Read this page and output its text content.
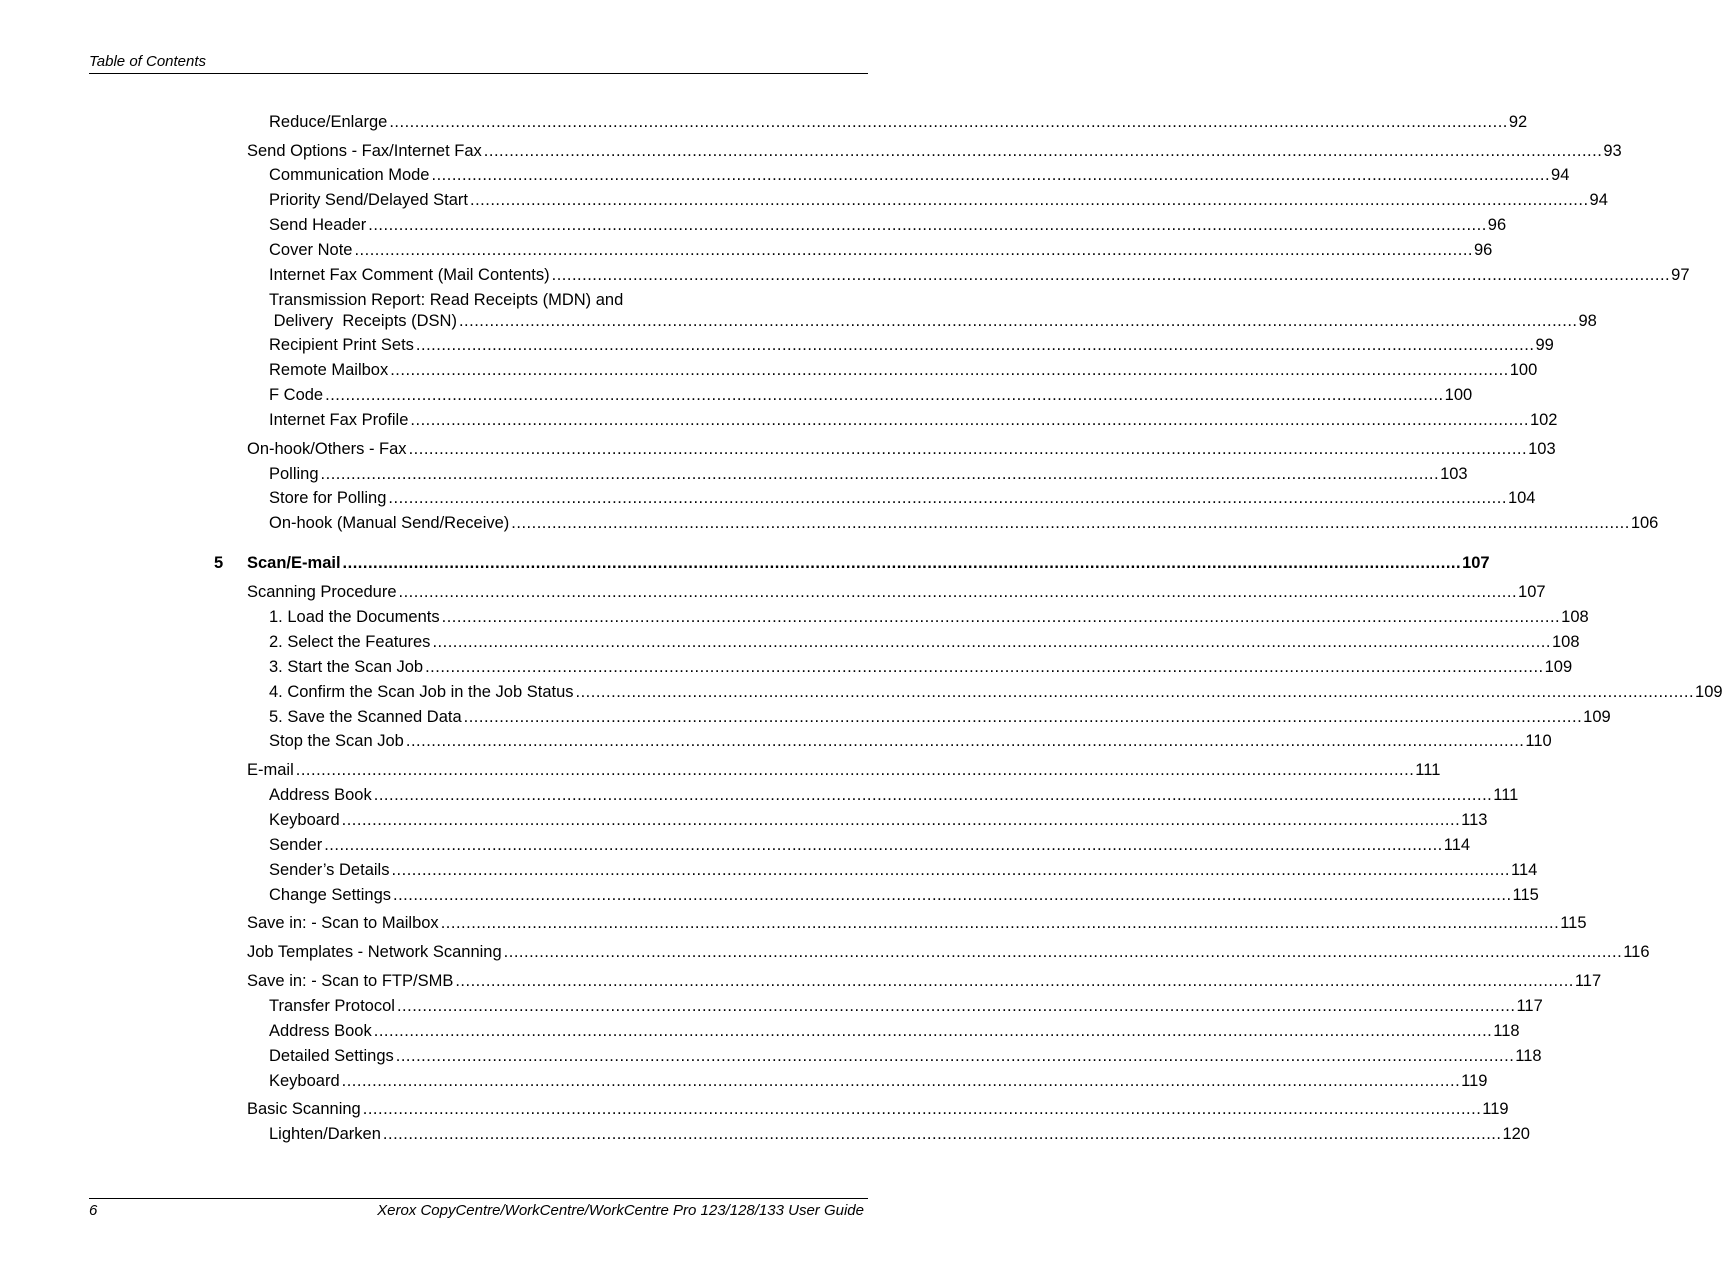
Table of Contents
Reduce/Enlarge ............................................................................................................................................................................................................................ 92
Send Options - Fax/Internet Fax ............................................................................................................................................................................................................................ 93
Communication Mode ............................................................................................................................................................................................................................ 94
Priority Send/Delayed Start ............................................................................................................................................................................................................................ 94
Send Header ............................................................................................................................................................................................................................ 96
Cover Note ............................................................................................................................................................................................................................ 96
Internet Fax Comment (Mail Contents) ............................................................................................................................................................................................................................ 97
Transmission Report: Read Receipts (MDN) and
Delivery  Receipts (DSN) ............................................................................................................................................................................................................................ 98
Recipient Print Sets ............................................................................................................................................................................................................................ 99
Remote Mailbox ............................................................................................................................................................................................................................ 100
F Code ............................................................................................................................................................................................................................ 100
Internet Fax Profile ............................................................................................................................................................................................................................ 102
On-hook/Others - Fax ............................................................................................................................................................................................................................ 103
Polling ............................................................................................................................................................................................................................ 103
Store for Polling ............................................................................................................................................................................................................................ 104
On-hook (Manual Send/Receive) ............................................................................................................................................................................................................................ 106
5 Scan/E-mail ............................................................................................................................................................................................................................ 107
Scanning Procedure ............................................................................................................................................................................................................................ 107
1. Load the Documents ............................................................................................................................................................................................................................ 108
2. Select the Features ............................................................................................................................................................................................................................ 108
3. Start the Scan Job ............................................................................................................................................................................................................................ 109
4. Confirm the Scan Job in the Job Status ............................................................................................................................................................................................................................ 109
5. Save the Scanned Data ............................................................................................................................................................................................................................ 109
Stop the Scan Job ............................................................................................................................................................................................................................ 110
E-mail ............................................................................................................................................................................................................................ 111
Address Book ............................................................................................................................................................................................................................ 111
Keyboard ............................................................................................................................................................................................................................ 113
Sender ............................................................................................................................................................................................................................ 114
Sender’s Details ............................................................................................................................................................................................................................ 114
Change Settings ............................................................................................................................................................................................................................ 115
Save in: - Scan to Mailbox ............................................................................................................................................................................................................................ 115
Job Templates - Network Scanning ............................................................................................................................................................................................................................ 116
Save in: - Scan to FTP/SMB ............................................................................................................................................................................................................................ 117
Transfer Protocol ............................................................................................................................................................................................................................ 117
Address Book ............................................................................................................................................................................................................................ 118
Detailed Settings ............................................................................................................................................................................................................................ 118
Keyboard ............................................................................................................................................................................................................................ 119
Basic Scanning ............................................................................................................................................................................................................................ 119
Lighten/Darken ............................................................................................................................................................................................................................ 120
6	Xerox CopyCentre/WorkCentre/WorkCentre Pro 123/128/133 User Guide
